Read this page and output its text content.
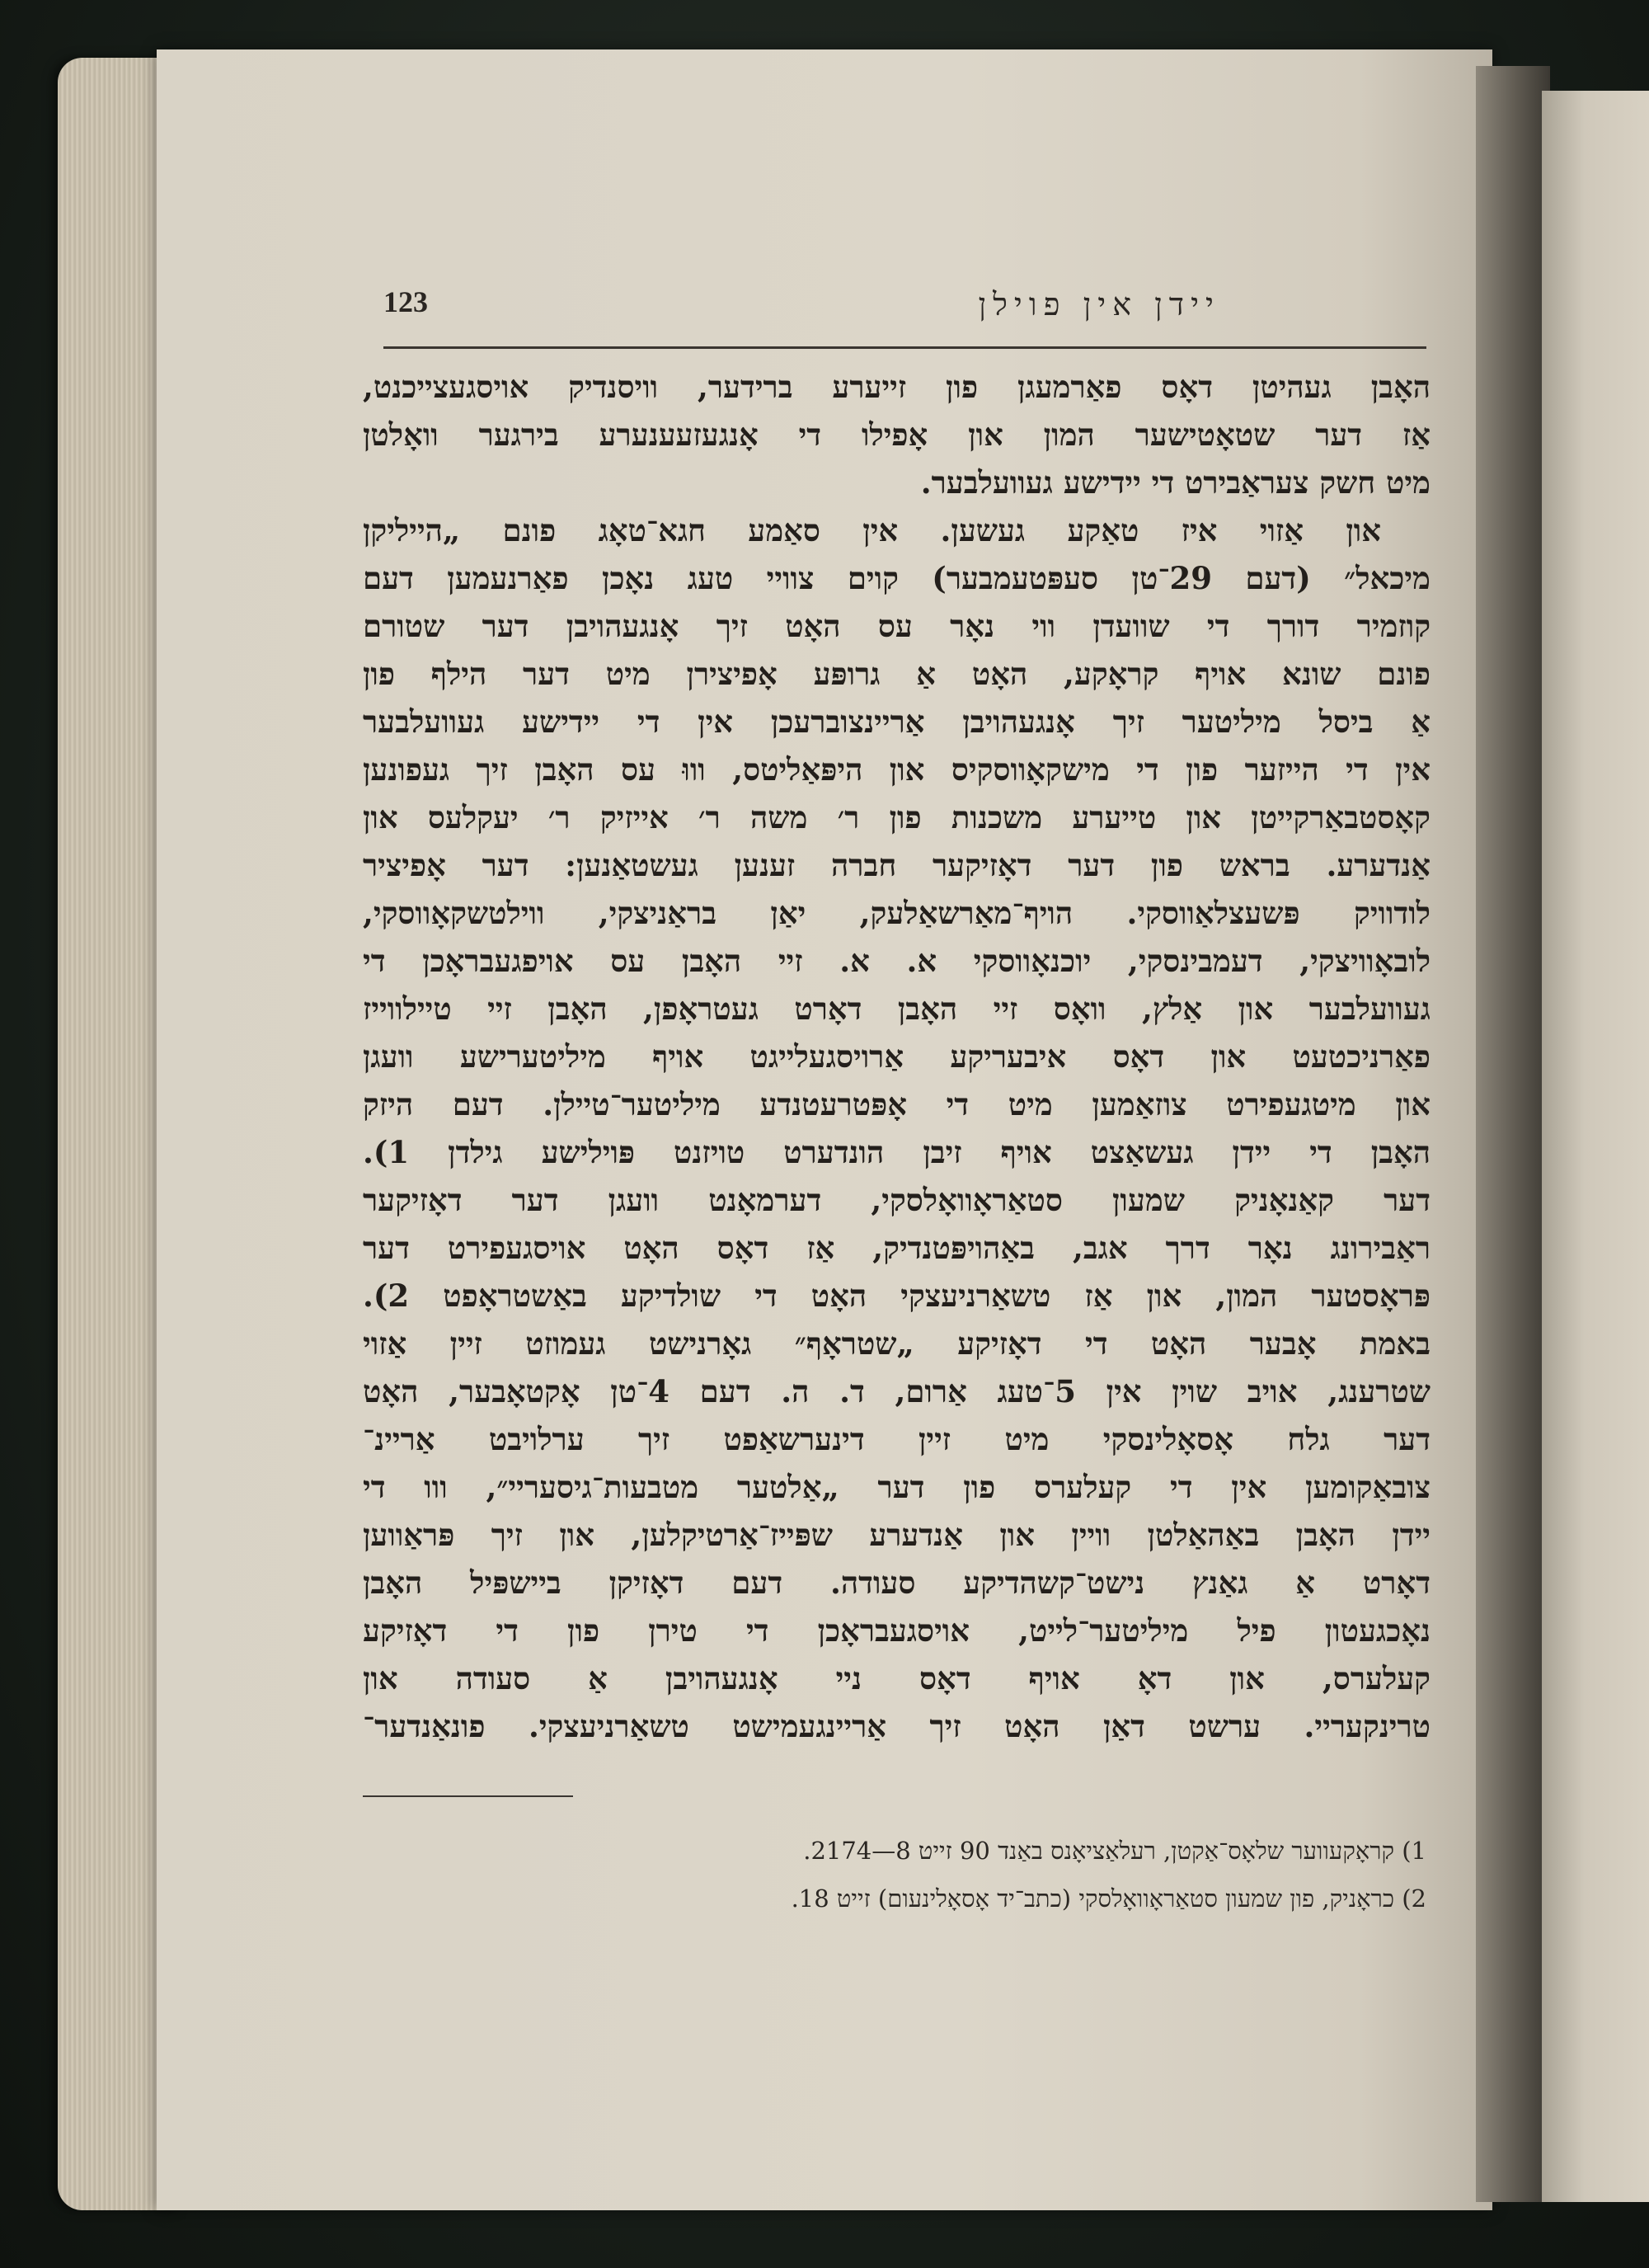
יידן אין פוילן
123
האָבן געהיטן דאָס פאַרמעגן פון זייערע ברידער, וויסנדיק אויסגעצייכנט,
אַז דער שטאָטישער המון און אָפילו די אָנגעזעענערע בירגער וואָלטן
מיט חשק צעראַבירט די יידישע געוועלבער.
און אַזוי איז טאַקע געשען. אין סאַמע חגא־טאָג פונם „הייליקן
מיכאל״ (דעם 29־טן סעפּטעמבער) קוים צוויי טעג נאָכן פאַרנעמען דעם
קוזמיר דורך די שוועדן ווי נאָר עס האָט זיך אָנגעהויבן דער שטורם
פונם שונא אויף קראָקע, האָט אַ גרופּע אָפיצירן מיט דער הילף פון
אַ ביסל מיליטער זיך אָנגעהויבן אַריינצוברעכן אין די יידישע געוועלבער
אין די הייזער פון די מישקאָווסקיס און היפּאַליטס, וווּ עס האָבן זיך געפונען
קאָסטבאַרקייטן און טייערע משכנות פון ר׳ משה ר׳ אייזיק ר׳ יעקלעס און
אַנדערע. בראש פון דער דאָזיקער חברה זענען געשטאַנען: דער אָפיציר
לודוויק פּשעצלאַווסקי. הויף־מאַרשאַלעק, יאַן בראַניצקי, ווילטשקאָווסקי,
לובאָוויצקי, דעמבינסקי, יוכנאָווסקי א. א. זיי האָבן עס אויפגעבראָכן די
געוועלבער און אַלץ, וואָס זיי האָבן דאָרט געטראָפן, האָבן זיי טיילווייז
פאַרניכטעט און דאָס איבעריקע אַרויסגעלייגט אויף מיליטערישע וועגן
און מיטגעפירט צוזאַמען מיט די אָפּטרעטנדע מיליטער־טיילן. דעם היזק
האָבן די יידן געשאַצט אויף זיבן הונדערט טויזנט פּוילישע גילדן 1).
דער קאַנאָניק שמעון סטאַראָוואָלסקי, דערמאָנט וועגן דער דאָזיקער
ראַבירונג נאָר דרך אגב, באַהויפּטנדיק, אַז דאָס האָט אויסגעפירט דער
פּראָסטער המון, און אַז טשאַרניעצקי האָט די שולדיקע באַשטראָפט 2).
באמת אָבער האָט די דאָזיקע „שטראָף״ גאָרנישט געמוזט זיין אַזוי
שטרענג, אויב שוין אין 5־טעג אַרום, ד. ה. דעם 4־טן אָקטאָבער, האָט
דער גלח אָסאָלינסקי מיט זיין דינערשאַפט זיך ערלויבט אַריינ־
צובאַקומען אין די קעלערס פון דער „אַלטער מטבעות־גיסעריי״, ווו די
יידן האָבן באַהאַלטן וויין און אַנדערע שפּייז־אַרטיקלען, און זיך פּראַווען
דאָרט אַ גאַנץ נישט־קשהדיקע סעודה. דעם דאָזיקן ביישפּיל האָבן
נאָכגעטון פיל מיליטער־לייט, אויסגעבראָכן די טירן פון די דאָזיקע
קעלערס, און דאָ אויף דאָס ניי אָנגעהויבן אַ סעודה און
טרינקעריי. ערשט דאַן האָט זיך אַריינגעמישט טשאַרניעצקי. פונאַנדער־
1) קראָקעווער שלאָס־אַקטן, רעלאַציאָנס באַנד 90 זייט 8—2174.
2) כראָניק, פון שמעון סטאַראָוואָלסקי (כתב־יד אָסאָלינעום) זייט 18.
